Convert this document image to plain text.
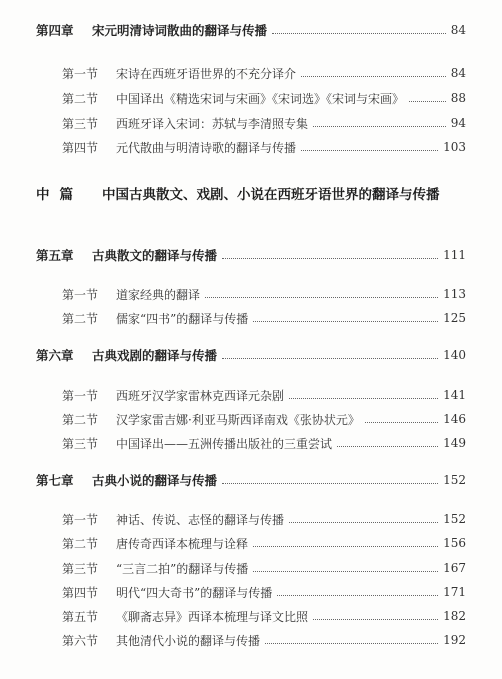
第四章	宋元明清诗词散曲的翻译与传播	84
第一节	宋诗在西班牙语世界的不充分译介	84
第二节	中国译出《精选宋词与宋画》《宋词选》《宋词与宋画》	88
第三节	西班牙译入宋词：苏轼与李清照专集	94
第四节	元代散曲与明清诗歌的翻译与传播	103
中篇	中国古典散文、戏剧、小说在西班牙语世界的翻译与传播
第五章	古典散文的翻译与传播	111
第一节	道家经典的翻译	113
第二节	儒家“四书”的翻译与传播	125
第六章	古典戏剧的翻译与传播	140
第一节	西班牙汉学家雷林克西译元杂剧	141
第二节	汉学家雷吉娜·利亚马斯西译南戏《张协状元》	146
第三节	中国译出——五洲传播出版社的三重尝试	149
第七章	古典小说的翻译与传播	152
第一节	神话、传说、志怪的翻译与传播	152
第二节	唐传奇西译本梳理与诠释	156
第三节	“三言二拍”的翻译与传播	167
第四节	明代“四大奇书”的翻译与传播	171
第五节	《聊斋志异》西译本梳理与译文比照	182
第六节	其他清代小说的翻译与传播	192
